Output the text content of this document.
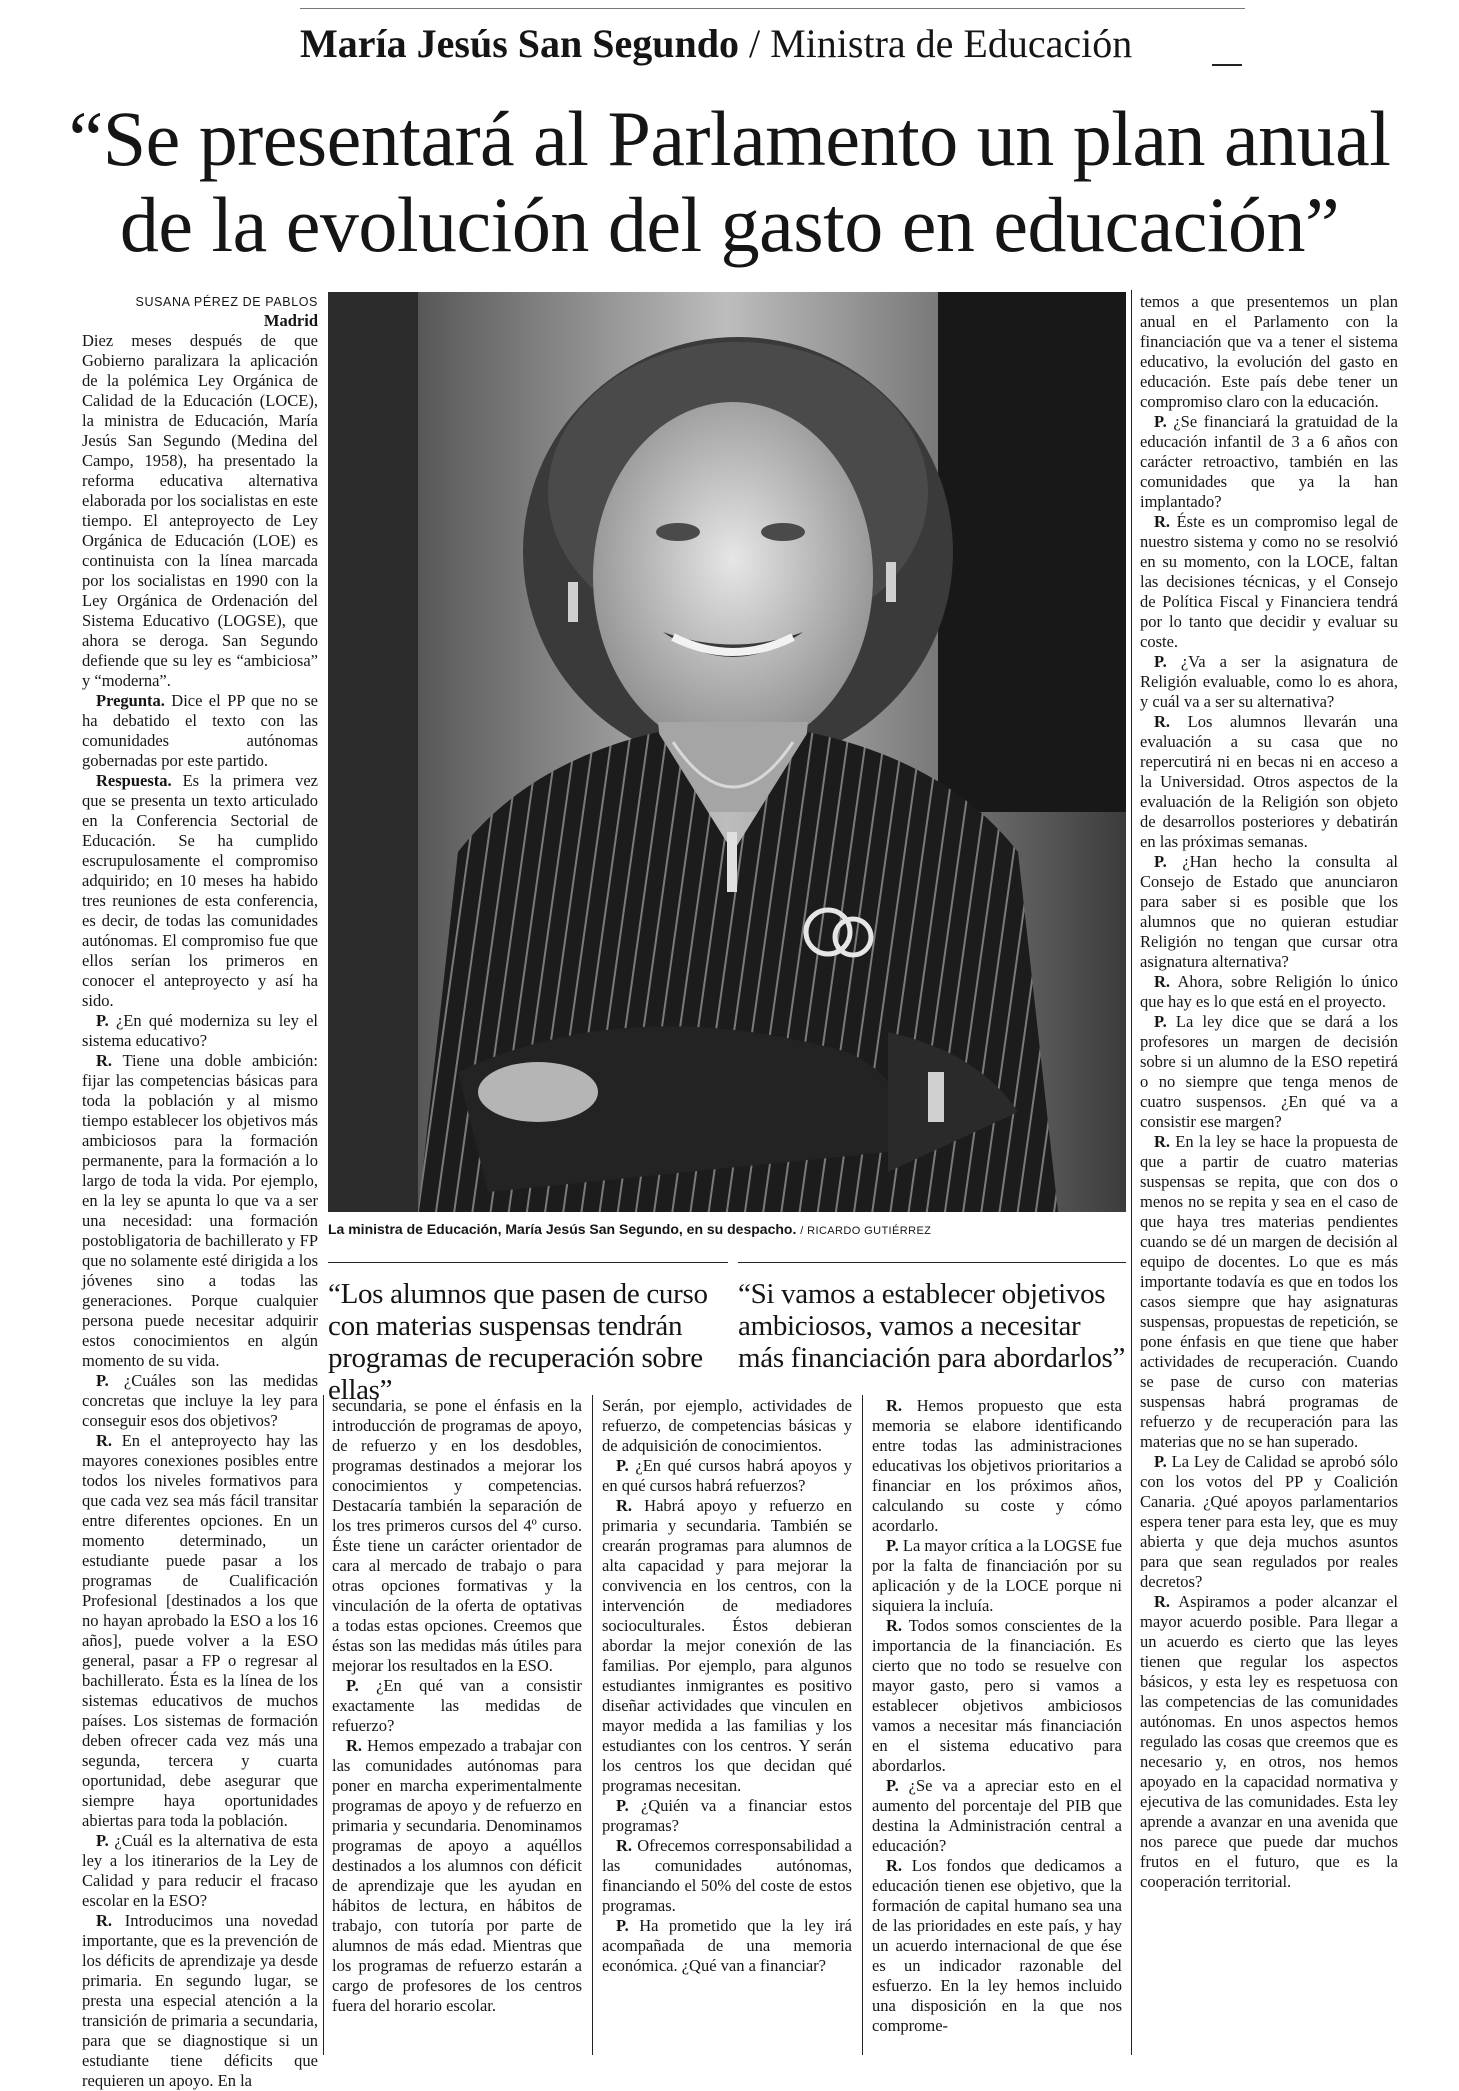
María Jesús San Segundo / Ministra de Educación
“Se presentará al Parlamento un plan anual
de la evolución del gasto en educación”
SUSANA PÉREZ DE PABLOS
Madrid

Diez meses después de que Gobierno paralizara la aplicación de la polémica Ley Orgánica de Calidad de la Educación (LOCE), la ministra de Educación, María Jesús San Segundo (Medina del Campo, 1958), ha presentado la reforma educativa alternativa elaborada por los socialistas en este tiempo. El anteproyecto de Ley Orgánica de Educación (LOE) es continuista con la línea marcada por los socialistas en 1990 con la Ley Orgánica de Ordenación del Sistema Educativo (LOGSE), que ahora se deroga. San Segundo defiende que su ley es “ambiciosa” y “moderna”.

Pregunta. Dice el PP que no se ha debatido el texto con las comunidades autónomas gobernadas por este partido.

Respuesta. Es la primera vez que se presenta un texto articulado en la Conferencia Sectorial de Educación. Se ha cumplido escrupulosamente el compromiso adquirido; en 10 meses ha habido tres reuniones de esta conferencia, es decir, de todas las comunidades autónomas. El compromiso fue que ellos serían los primeros en conocer el anteproyecto y así ha sido.

P. ¿En qué moderniza su ley el sistema educativo?

R. Tiene una doble ambición: fijar las competencias básicas para toda la población y al mismo tiempo establecer los objetivos más ambiciosos para la formación permanente, para la formación a lo largo de toda la vida. Por ejemplo, en la ley se apunta lo que va a ser una necesidad: una formación postobligatoria de bachillerato y FP que no solamente esté dirigida a los jóvenes sino a todas las generaciones. Porque cualquier persona puede necesitar adquirir estos conocimientos en algún momento de su vida.

P. ¿Cuáles son las medidas concretas que incluye la ley para conseguir esos dos objetivos?

R. En el anteproyecto hay las mayores conexiones posibles entre todos los niveles formativos para que cada vez sea más fácil transitar entre diferentes opciones. En un momento determinado, un estudiante puede pasar a los programas de Cualificación Profesional [destinados a los que no hayan aprobado la ESO a los 16 años], puede volver a la ESO general, pasar a FP o regresar al bachillerato. Ésta es la línea de los sistemas educativos de muchos países. Los sistemas de formación deben ofrecer cada vez más una segunda, tercera y cuarta oportunidad, debe asegurar que siempre haya oportunidades abiertas para toda la población.

P. ¿Cuál es la alternativa de esta ley a los itinerarios de la Ley de Calidad y para reducir el fracaso escolar en la ESO?

R. Introducimos una novedad importante, que es la prevención de los déficits de aprendizaje ya desde primaria. En segundo lugar, se presta una especial atención a la transición de primaria a secundaria, para que se diagnostique si un estudiante tiene déficits que requieren un apoyo. En la

La ministra de Educación, María Jesús San Segundo, en su despacho. / RICARDO GUTIÉRREZ
“Los alumnos que pasen de curso con materias suspensas tendrán programas de recuperación sobre ellas”
“Si vamos a establecer objetivos ambiciosos, vamos a necesitar más financiación para abordarlos”

secundaria, se pone el énfasis en la introducción de programas de apoyo, de refuerzo y en los desdobles, programas destinados a mejorar los conocimientos y competencias. Destacaría también la separación de los tres primeros cursos del 4º curso. Éste tiene un carácter orientador de cara al mercado de trabajo o para otras opciones formativas y la vinculación de la oferta de optativas a todas estas opciones. Creemos que éstas son las medidas más útiles para mejorar los resultados en la ESO.

P. ¿En qué van a consistir exactamente las medidas de refuerzo?

R. Hemos empezado a trabajar con las comunidades autónomas para poner en marcha experimentalmente programas de apoyo y de refuerzo en primaria y secundaria. Denominamos programas de apoyo a aquéllos destinados a los alumnos con déficit de aprendizaje que les ayudan en hábitos de lectura, en hábitos de trabajo, con tutoría por parte de alumnos de más edad. Mientras que los programas de refuerzo estarán a cargo de profesores de los centros fuera del horario escolar.

Serán, por ejemplo, actividades de refuerzo, de competencias básicas y de adquisición de conocimientos.

P. ¿En qué cursos habrá apoyos y en qué cursos habrá refuerzos?

R. Habrá apoyo y refuerzo en primaria y secundaria. También se crearán programas para alumnos de alta capacidad y para mejorar la convivencia en los centros, con la intervención de mediadores socioculturales. Éstos debieran abordar la mejor conexión de las familias. Por ejemplo, para algunos estudiantes inmigrantes es positivo diseñar actividades que vinculen en mayor medida a las familias y los estudiantes con los centros. Y serán los centros los que decidan qué programas necesitan.

P. ¿Quién va a financiar estos programas?

R. Ofrecemos corresponsabilidad a las comunidades autónomas, financiando el 50% del coste de estos programas.

P. Ha prometido que la ley irá acompañada de una memoria económica. ¿Qué van a financiar?

R. Hemos propuesto que esta memoria se elabore identificando entre todas las administraciones educativas los objetivos prioritarios a financiar en los próximos años, calculando su coste y cómo acordarlo.

P. La mayor crítica a la LOGSE fue por la falta de financiación por su aplicación y de la LOCE porque ni siquiera la incluía.

R. Todos somos conscientes de la importancia de la financiación. Es cierto que no todo se resuelve con mayor gasto, pero si vamos a establecer objetivos ambiciosos vamos a necesitar más financiación en el sistema educativo para abordarlos.

P. ¿Se va a apreciar esto en el aumento del porcentaje del PIB que destina la Administración central a educación?

R. Los fondos que dedicamos a educación tienen ese objetivo, que la formación de capital humano sea una de las prioridades en este país, y hay un acuerdo internacional de que ése es un indicador razonable del esfuerzo. En la ley hemos incluido una disposición en la que nos comprome-

temos a que presentemos un plan anual en el Parlamento con la financiación que va a tener el sistema educativo, la evolución del gasto en educación. Este país debe tener un compromiso claro con la educación.

P. ¿Se financiará la gratuidad de la educación infantil de 3 a 6 años con carácter retroactivo, también en las comunidades que ya la han implantado?

R. Éste es un compromiso legal de nuestro sistema y como no se resolvió en su momento, con la LOCE, faltan las decisiones técnicas, y el Consejo de Política Fiscal y Financiera tendrá por lo tanto que decidir y evaluar su coste.

P. ¿Va a ser la asignatura de Religión evaluable, como lo es ahora, y cuál va a ser su alternativa?

R. Los alumnos llevarán una evaluación a su casa que no repercutirá ni en becas ni en acceso a la Universidad. Otros aspectos de la evaluación de la Religión son objeto de desarrollos posteriores y debatirán en las próximas semanas.

P. ¿Han hecho la consulta al Consejo de Estado que anunciaron para saber si es posible que los alumnos que no quieran estudiar Religión no tengan que cursar otra asignatura alternativa?

R. Ahora, sobre Religión lo único que hay es lo que está en el proyecto.

P. La ley dice que se dará a los profesores un margen de decisión sobre si un alumno de la ESO repetirá o no siempre que tenga menos de cuatro suspensos. ¿En qué va a consistir ese margen?

R. En la ley se hace la propuesta de que a partir de cuatro materias suspensas se repita, que con dos o menos no se repita y sea en el caso de que haya tres materias pendientes cuando se dé un margen de decisión al equipo de docentes. Lo que es más importante todavía es que en todos los casos siempre que hay asignaturas suspensas, propuestas de repetición, se pone énfasis en que tiene que haber actividades de recuperación. Cuando se pase de curso con materias suspensas habrá programas de refuerzo y de recuperación para las materias que no se han superado.

P. La Ley de Calidad se aprobó sólo con los votos del PP y Coalición Canaria. ¿Qué apoyos parlamentarios espera tener para esta ley, que es muy abierta y que deja muchos asuntos para que sean regulados por reales decretos?

R. Aspiramos a poder alcanzar el mayor acuerdo posible. Para llegar a un acuerdo es cierto que las leyes tienen que regular los aspectos básicos, y esta ley es respetuosa con las competencias de las comunidades autónomas. En unos aspectos hemos regulado las cosas que creemos que es necesario y, en otros, nos hemos apoyado en la capacidad normativa y ejecutiva de las comunidades. Esta ley aprende a avanzar en una avenida que nos parece que puede dar muchos frutos en el futuro, que es la cooperación territorial.
